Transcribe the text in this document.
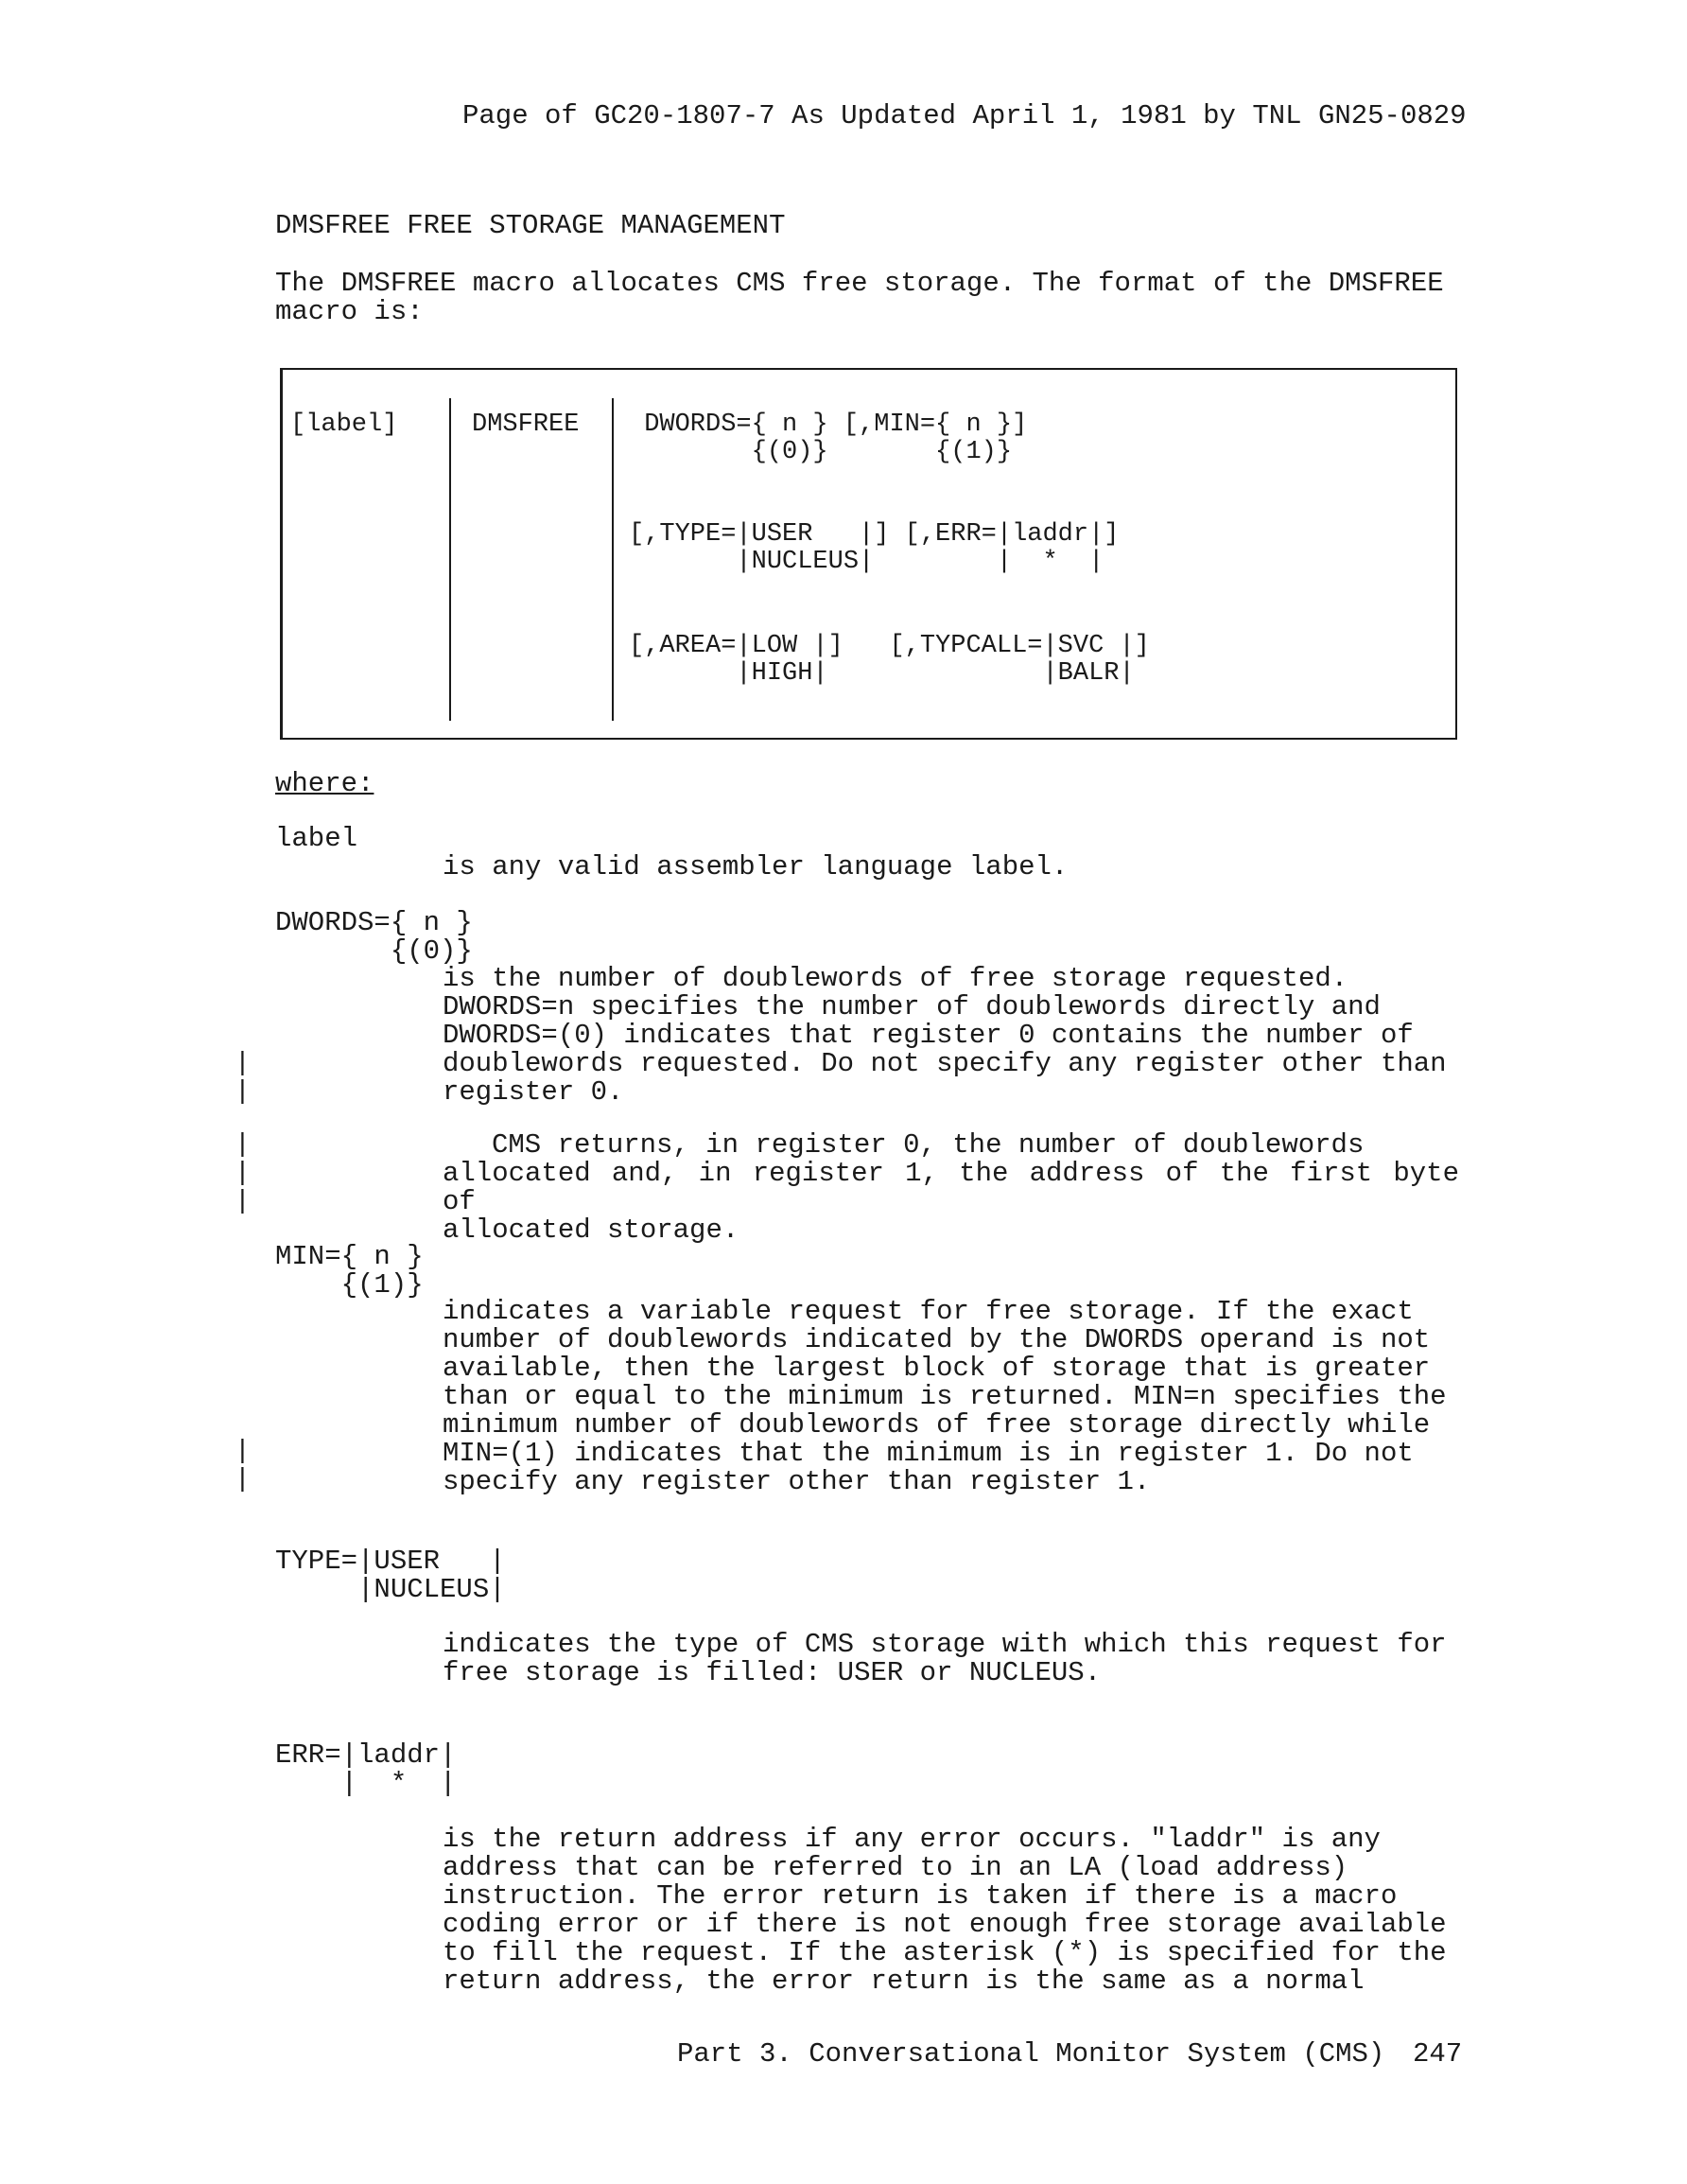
Page of GC20-1807-7 As Updated April 1, 1981 by TNL GN25-0829
DMSFREE FREE STORAGE MANAGEMENT

The DMSFREE macro allocates CMS free storage. The format of the DMSFREE

macro is:

[label]	DMSFREE DWORDS={ n } [,MIN={ n }]
{(0)}       {(1)}
[,TYPE=|USER   |] [,ERR=|laddr|]
|NUCLEUS|        |  *  |
[,AREA=|LOW |]   [,TYPCALL=|SVC |]
|HIGH|              |BALR|
where:
label

is any valid assembler language label.

DWORDS={ n }
{(0)}

is the number of doublewords of free storage requested.

DWORDS=n specifies the number of doublewords directly and

DWORDS=(0) indicates that register 0 contains the number of

doublewords requested. Do not specify any register other than

register 0.

CMS returns, in register 0, the number of doublewords

allocated and, in register 1, the address of the first byte of

allocated storage.

MIN={ n }
{(1)}

indicates a variable request for free storage. If the exact

number of doublewords indicated by the DWORDS operand is not

available, then the largest block of storage that is greater

than or equal to the minimum is returned. MIN=n specifies the

minimum number of doublewords of free storage directly while

MIN=(1) indicates that the minimum is in register 1. Do not

specify any register other than register 1.

TYPE=|USER   |
|NUCLEUS|

indicates the type of CMS storage with which this request for

free storage is filled: USER or NUCLEUS.

ERR=|laddr|
|  *  |

is the return address if any error occurs. "laddr" is any

address that can be referred to in an LA (load address)

instruction. The error return is taken if there is a macro

coding error or if there is not enough free storage available

to fill the request. If the asterisk (*) is specified for the

return address, the error return is the same as a normal

|
|
|
|
|
|
|
Part 3. Conversational Monitor System (CMS) 247
